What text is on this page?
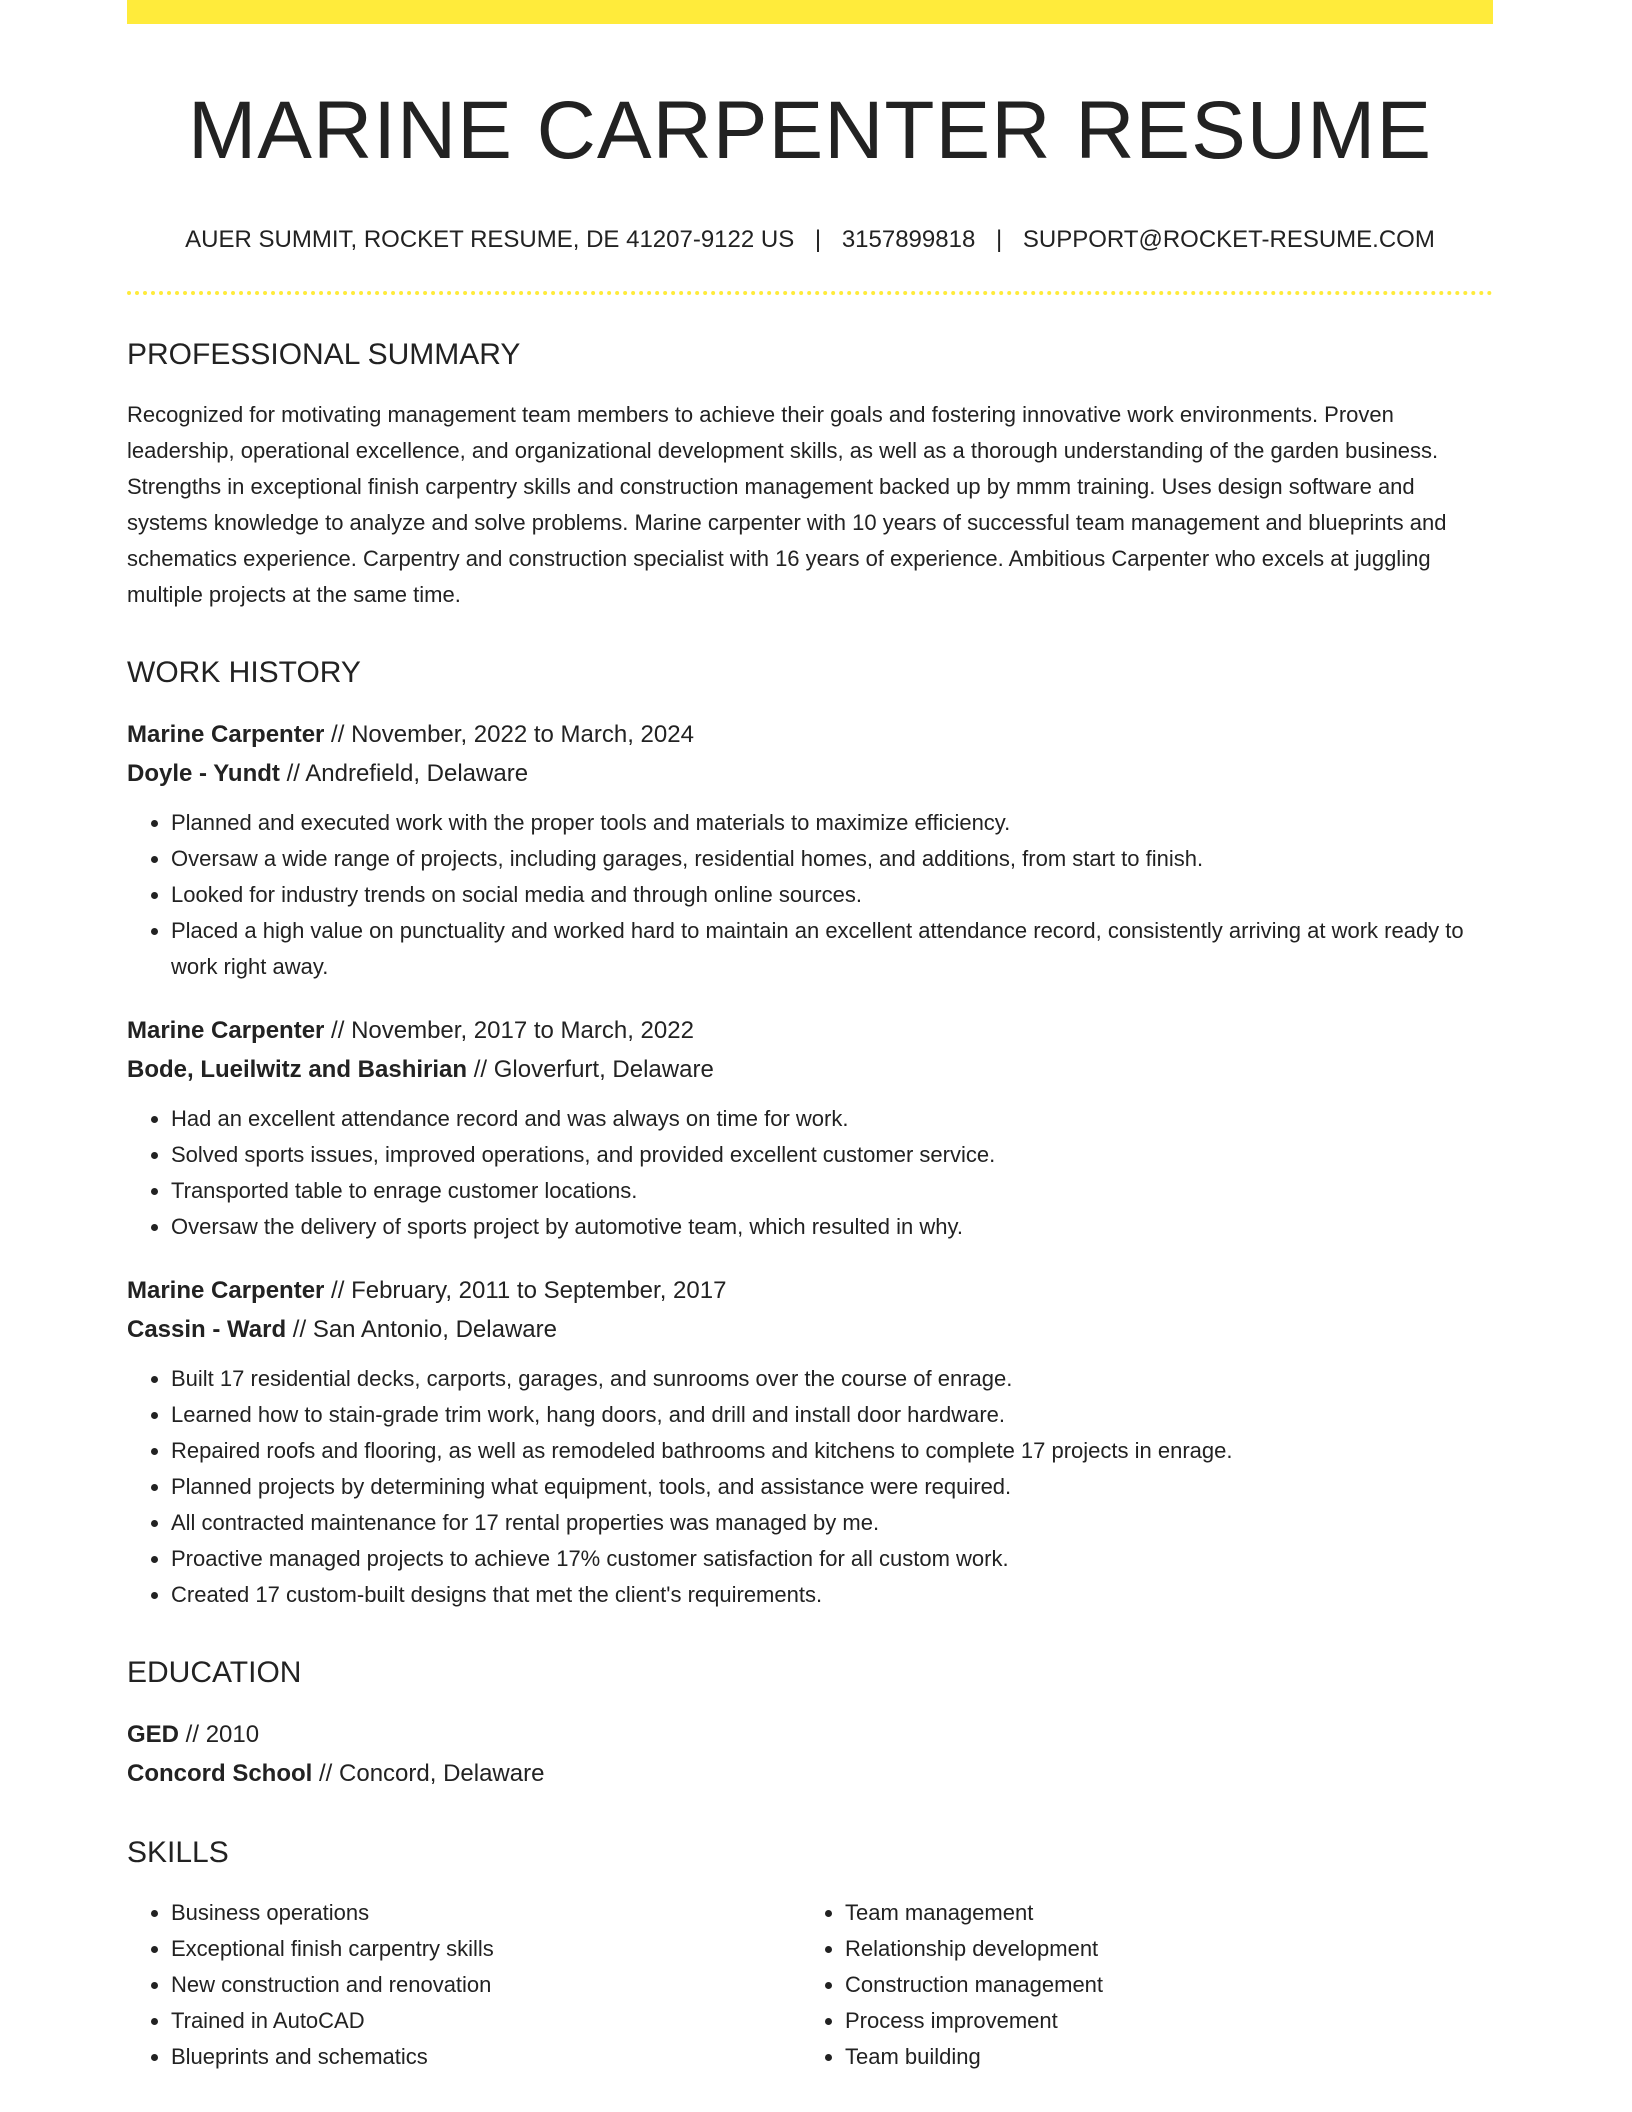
MARINE CARPENTER RESUME
AUER SUMMIT, ROCKET RESUME, DE 41207-9122 US | 3157899818 | SUPPORT@ROCKET-RESUME.COM
PROFESSIONAL SUMMARY

Recognized for motivating management team members to achieve their goals and fostering innovative work environments. Proven leadership, operational excellence, and organizational development skills, as well as a thorough understanding of the garden business. Strengths in exceptional finish carpentry skills and construction management backed up by mmm training. Uses design software and systems knowledge to analyze and solve problems. Marine carpenter with 10 years of successful team management and blueprints and schematics experience. Carpentry and construction specialist with 16 years of experience. Ambitious Carpenter who excels at juggling multiple projects at the same time.

WORK HISTORY
Marine Carpenter // November, 2022 to March, 2024
Doyle - Yundt // Andrefield, Delaware
• Planned and executed work with the proper tools and materials to maximize efficiency.
• Oversaw a wide range of projects, including garages, residential homes, and additions, from start to finish.
• Looked for industry trends on social media and through online sources.
• Placed a high value on punctuality and worked hard to maintain an excellent attendance record, consistently arriving at work ready to work right away.
Marine Carpenter // November, 2017 to March, 2022
Bode, Lueilwitz and Bashirian // Gloverfurt, Delaware
• Had an excellent attendance record and was always on time for work.
• Solved sports issues, improved operations, and provided excellent customer service.
• Transported table to enrage customer locations.
• Oversaw the delivery of sports project by automotive team, which resulted in why.
Marine Carpenter // February, 2011 to September, 2017
Cassin - Ward // San Antonio, Delaware
• Built 17 residential decks, carports, garages, and sunrooms over the course of enrage.
• Learned how to stain-grade trim work, hang doors, and drill and install door hardware.
• Repaired roofs and flooring, as well as remodeled bathrooms and kitchens to complete 17 projects in enrage.
• Planned projects by determining what equipment, tools, and assistance were required.
• All contracted maintenance for 17 rental properties was managed by me.
• Proactive managed projects to achieve 17% customer satisfaction for all custom work.
• Created 17 custom-built designs that met the client's requirements.
EDUCATION
GED // 2010
Concord School // Concord, Delaware
SKILLS
• Business operations
• Exceptional finish carpentry skills
• New construction and renovation
• Trained in AutoCAD
• Blueprints and schematics
• Team management
• Relationship development
• Construction management
• Process improvement
• Team building
